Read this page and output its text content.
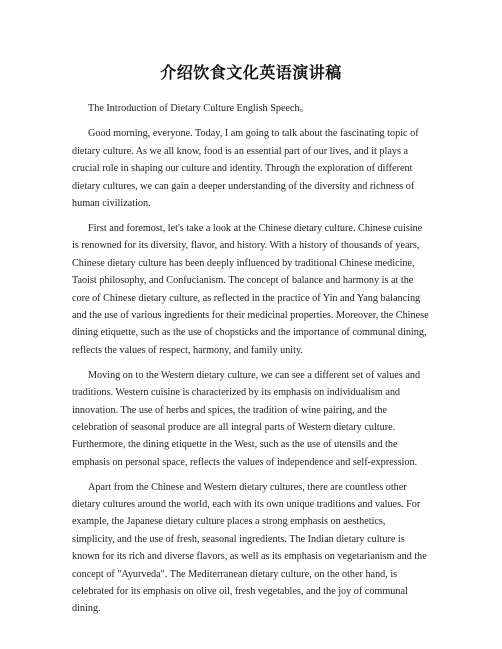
介绍饮食文化英语演讲稿

The Introduction of Dietary Culture English Speech。

Good morning, everyone. Today, I am going to talk about the fascinating topic of dietary culture. As we all know, food is an essential part of our lives, and it plays a crucial role in shaping our culture and identity. Through the exploration of different dietary cultures, we can gain a deeper understanding of the diversity and richness of human civilization.

First and foremost, let's take a look at the Chinese dietary culture. Chinese cuisine is renowned for its diversity, flavor, and history. With a history of thousands of years, Chinese dietary culture has been deeply influenced by traditional Chinese medicine, Taoist philosophy, and Confucianism. The concept of balance and harmony is at the core of Chinese dietary culture, as reflected in the practice of Yin and Yang balancing and the use of various ingredients for their medicinal properties. Moreover, the Chinese dining etiquette, such as the use of chopsticks and the importance of communal dining, reflects the values of respect, harmony, and family unity.

Moving on to the Western dietary culture, we can see a different set of values and traditions. Western cuisine is characterized by its emphasis on individualism and innovation. The use of herbs and spices, the tradition of wine pairing, and the celebration of seasonal produce are all integral parts of Western dietary culture. Furthermore, the dining etiquette in the West, such as the use of utensils and the emphasis on personal space, reflects the values of independence and self-expression.

Apart from the Chinese and Western dietary cultures, there are countless other dietary cultures around the world, each with its own unique traditions and values. For example, the Japanese dietary culture places a strong emphasis on aesthetics, simplicity, and the use of fresh, seasonal ingredients. The Indian dietary culture is known for its rich and diverse flavors, as well as its emphasis on vegetarianism and the concept of "Ayurveda". The Mediterranean dietary culture, on the other hand, is celebrated for its emphasis on olive oil, fresh vegetables, and the joy of communal dining.
